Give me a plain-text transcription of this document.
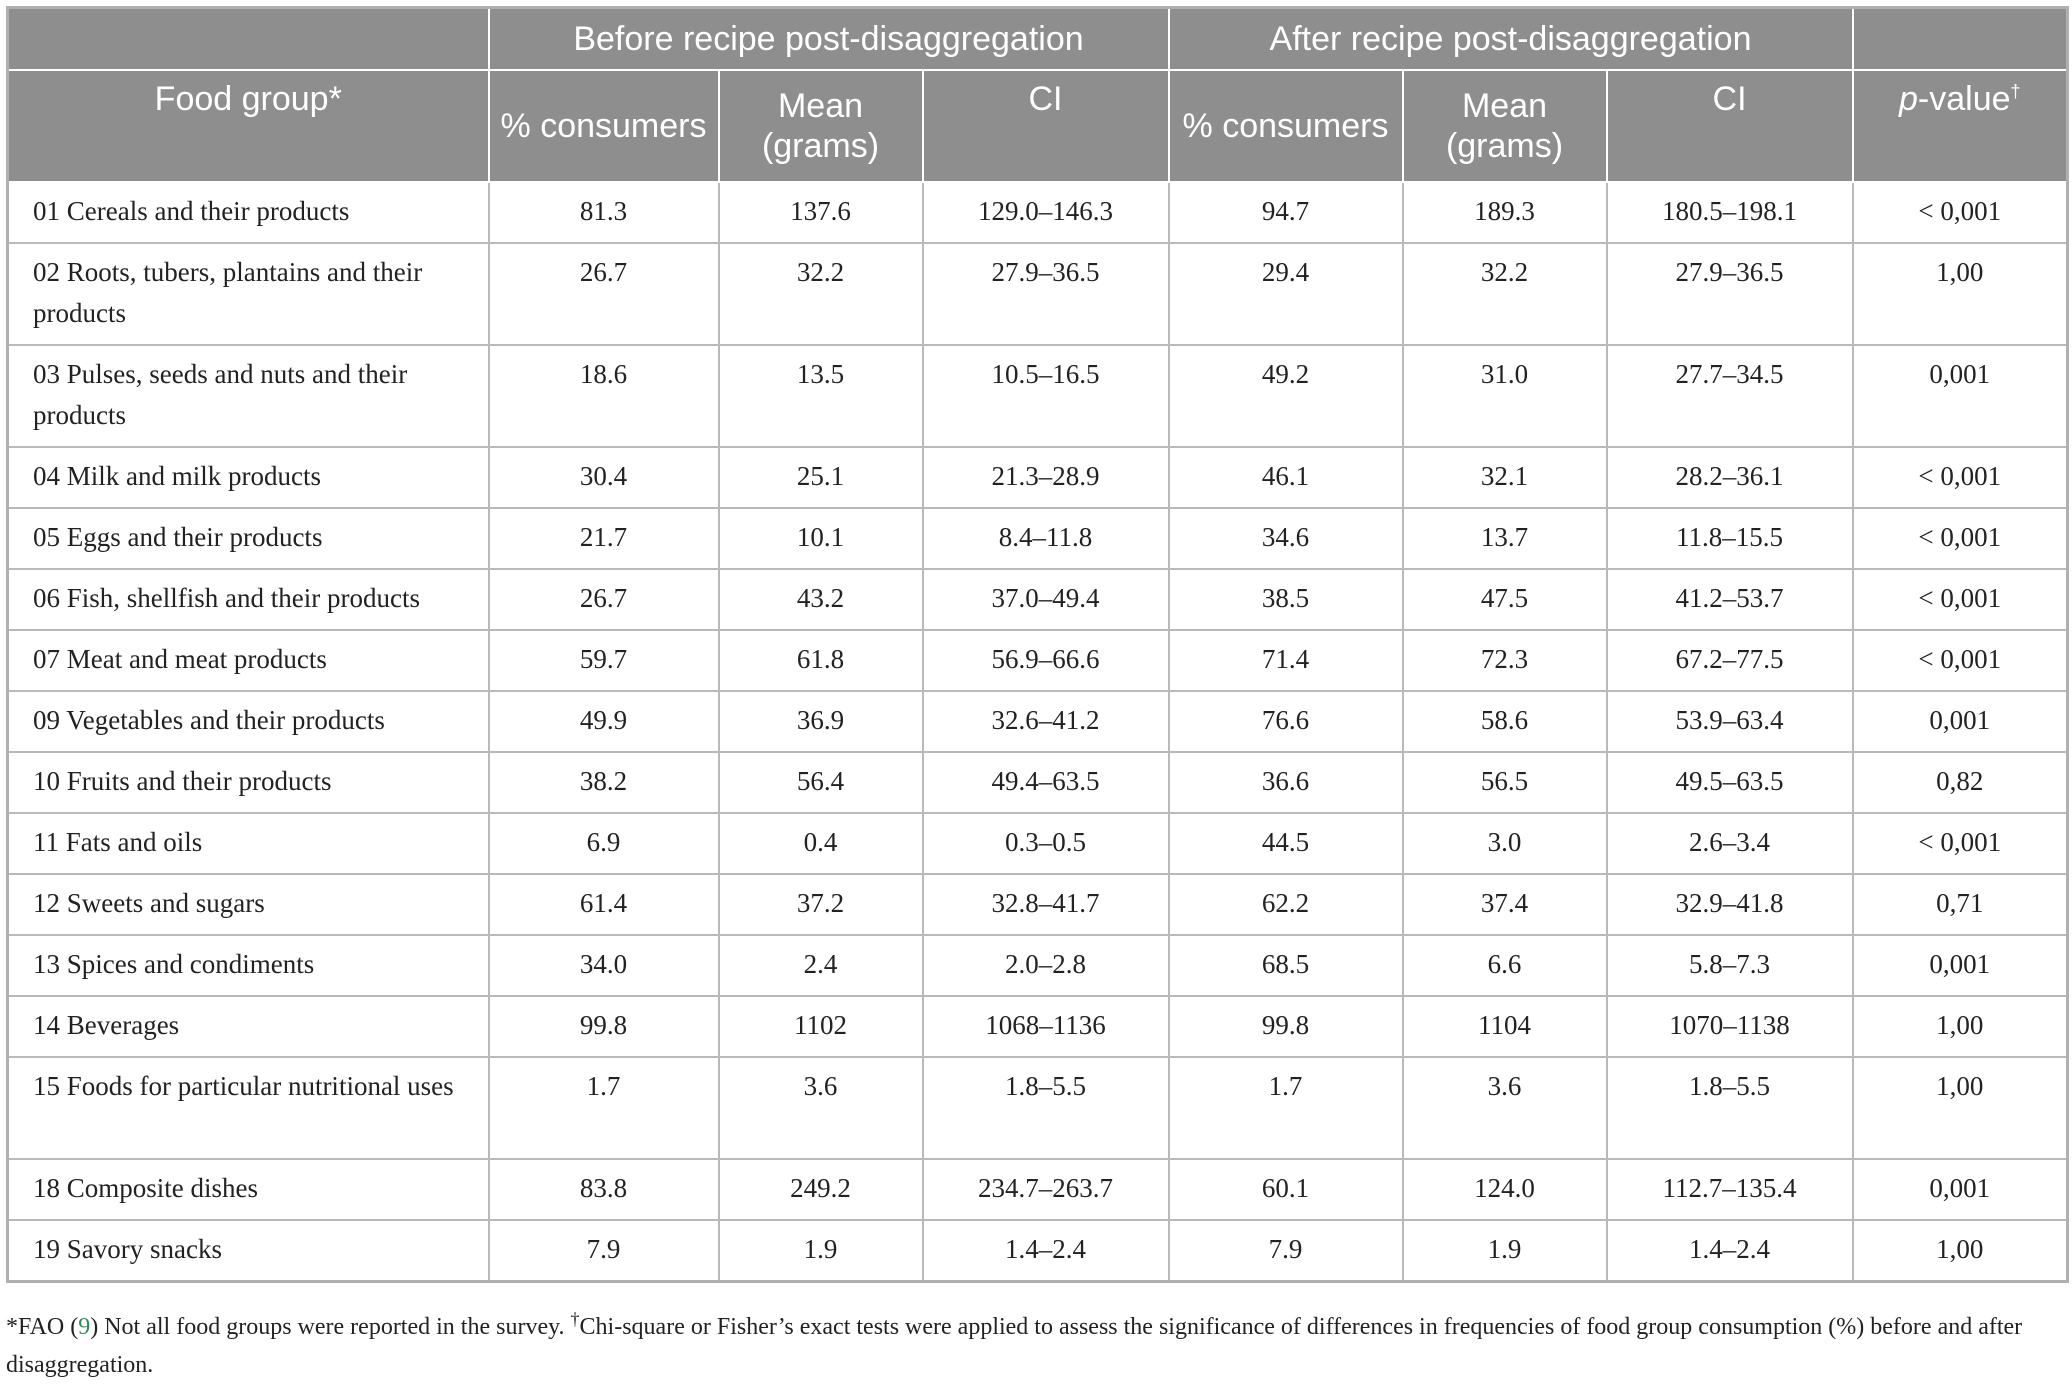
	Before recipe post-disaggregation			After recipe post-disaggregation			
Food group*	% consumers	Mean (grams)	CI	% consumers	Mean (grams)	CI	p-value†
01 Cereals and their products	81.3	137.6	129.0–146.3	94.7	189.3	180.5–198.1	< 0,001
02 Roots, tubers, plantains and their products	26.7	32.2	27.9–36.5	29.4	32.2	27.9–36.5	1,00
03 Pulses, seeds and nuts and their products	18.6	13.5	10.5–16.5	49.2	31.0	27.7–34.5	0,001
04 Milk and milk products	30.4	25.1	21.3–28.9	46.1	32.1	28.2–36.1	< 0,001
05 Eggs and their products	21.7	10.1	8.4–11.8	34.6	13.7	11.8–15.5	< 0,001
06 Fish, shellfish and their products	26.7	43.2	37.0–49.4	38.5	47.5	41.2–53.7	< 0,001
07 Meat and meat products	59.7	61.8	56.9–66.6	71.4	72.3	67.2–77.5	< 0,001
09 Vegetables and their products	49.9	36.9	32.6–41.2	76.6	58.6	53.9–63.4	0,001
10 Fruits and their products	38.2	56.4	49.4–63.5	36.6	56.5	49.5–63.5	0,82
11 Fats and oils	6.9	0.4	0.3–0.5	44.5	3.0	2.6–3.4	< 0,001
12 Sweets and sugars	61.4	37.2	32.8–41.7	62.2	37.4	32.9–41.8	0,71
13 Spices and condiments	34.0	2.4	2.0–2.8	68.5	6.6	5.8–7.3	0,001
14 Beverages	99.8	1102	1068–1136	99.8	1104	1070–1138	1,00
15 Foods for particular nutritional uses	1.7	3.6	1.8–5.5	1.7	3.6	1.8–5.5	1,00
18 Composite dishes	83.8	249.2	234.7–263.7	60.1	124.0	112.7–135.4	0,001
19 Savory snacks	7.9	1.9	1.4–2.4	7.9	1.9	1.4–2.4	1,00
*FAO (9) Not all food groups were reported in the survey. †Chi-square or Fisher’s exact tests were applied to assess the significance of differences in frequencies of food group consumption (%) before and after disaggregation.
